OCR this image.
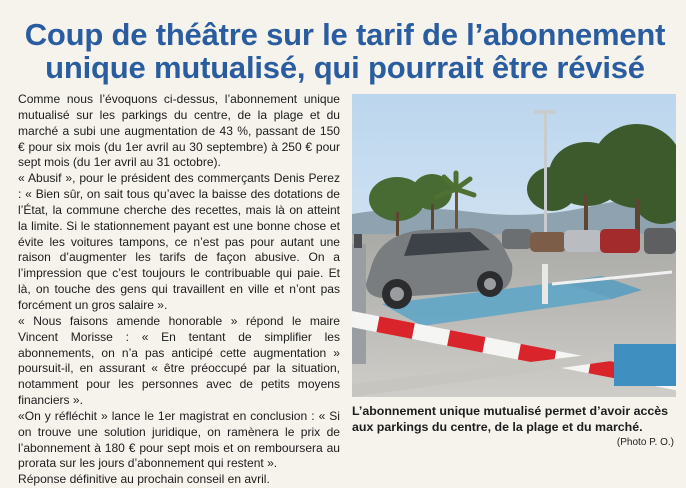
Coup de théâtre sur le tarif de l’abonnement
unique mutualisé, qui pourrait être révisé

Comme nous l’évoquons ci-dessus, l’abonnement unique mutualisé sur les parkings du centre, de la plage et du marché a subi une augmentation de 43 %, passant de 150 € pour six mois (du 1er avril au 30 septembre) à 250 € pour sept mois (du 1er avril au 31 octobre).

« Abusif », pour le président des commerçants Denis Perez : « Bien sûr, on sait tous qu’avec la baisse des dotations de l’État, la commune cherche des recettes, mais là on atteint la limite. Si le stationnement payant est une bonne chose et évite les voitures tampons, ce n’est pas pour autant une raison d’augmenter les tarifs de façon abusive. On a l’impression que c’est toujours le contribuable qui paie. Et là, on touche des gens qui travaillent en ville et n’ont pas forcément un gros salaire ».

« Nous faisons amende honorable » répond le maire Vincent Morisse : « En tentant de simplifier les abonnements, on n’a pas anticipé cette augmentation » poursuit-il, en assurant « être préoccupé par la situation, notamment pour les personnes avec de petits moyens financiers ».

«On y réfléchit » lance le 1er magistrat en conclusion : « Si on trouve une solution juridique, on ramènera le prix de l’abonnement à 180 € pour sept mois et on remboursera au prorata sur les jours d’abonnement qui restent ».

Réponse définitive au prochain conseil en avril.

L’abonnement unique mutualisé permet d’avoir accès aux parkings du centre, de la plage et du marché.
(Photo P. O.)
